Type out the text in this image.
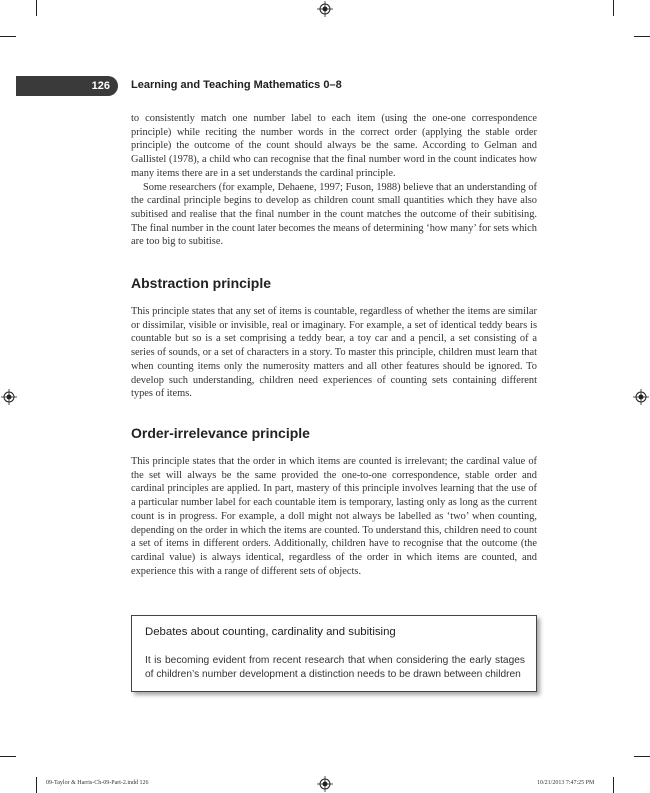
126 Learning and Teaching Mathematics 0–8

to consistently match one number label to each item (using the one-one correspondence principle) while reciting the number words in the correct order (applying the stable order principle) the outcome of the count should always be the same. According to Gelman and Gallistel (1978), a child who can recognise that the final number word in the count indicates how many items there are in a set understands the cardinal principle.

Some researchers (for example, Dehaene, 1997; Fuson, 1988) believe that an understanding of the cardinal principle begins to develop as children count small quantities which they have also subitised and realise that the final number in the count matches the outcome of their subitising. The final number in the count later becomes the means of determining ‘how many’ for sets which are too big to subitise.

Abstraction principle

This principle states that any set of items is countable, regardless of whether the items are similar or dissimilar, visible or invisible, real or imaginary. For example, a set of identical teddy bears is countable but so is a set comprising a teddy bear, a toy car and a pencil, a set consisting of a series of sounds, or a set of characters in a story. To master this principle, children must learn that when counting items only the numerosity matters and all other features should be ignored. To develop such understanding, children need experiences of counting sets containing different types of items.

Order-irrelevance principle

This principle states that the order in which items are counted is irrelevant; the cardinal value of the set will always be the same provided the one-to-one correspondence, stable order and cardinal principles are applied. In part, mastery of this principle involves learning that the use of a particular number label for each countable item is temporary, lasting only as long as the current count is in progress. For example, a doll might not always be labelled as ‘two’ when counting, depending on the order in which the items are counted. To understand this, children need to count a set of items in different orders. Additionally, children have to recognise that the outcome (the cardinal value) is always identical, regardless of the order in which items are counted, and experience this with a range of different sets of objects.

Debates about counting, cardinality and subitising
It is becoming evident from recent research that when considering the early stages of children’s number development a distinction needs to be drawn between children
09-Taylor & Harris-Ch-09-Part-2.indd 126	10/21/2013 7:47:25 PM
